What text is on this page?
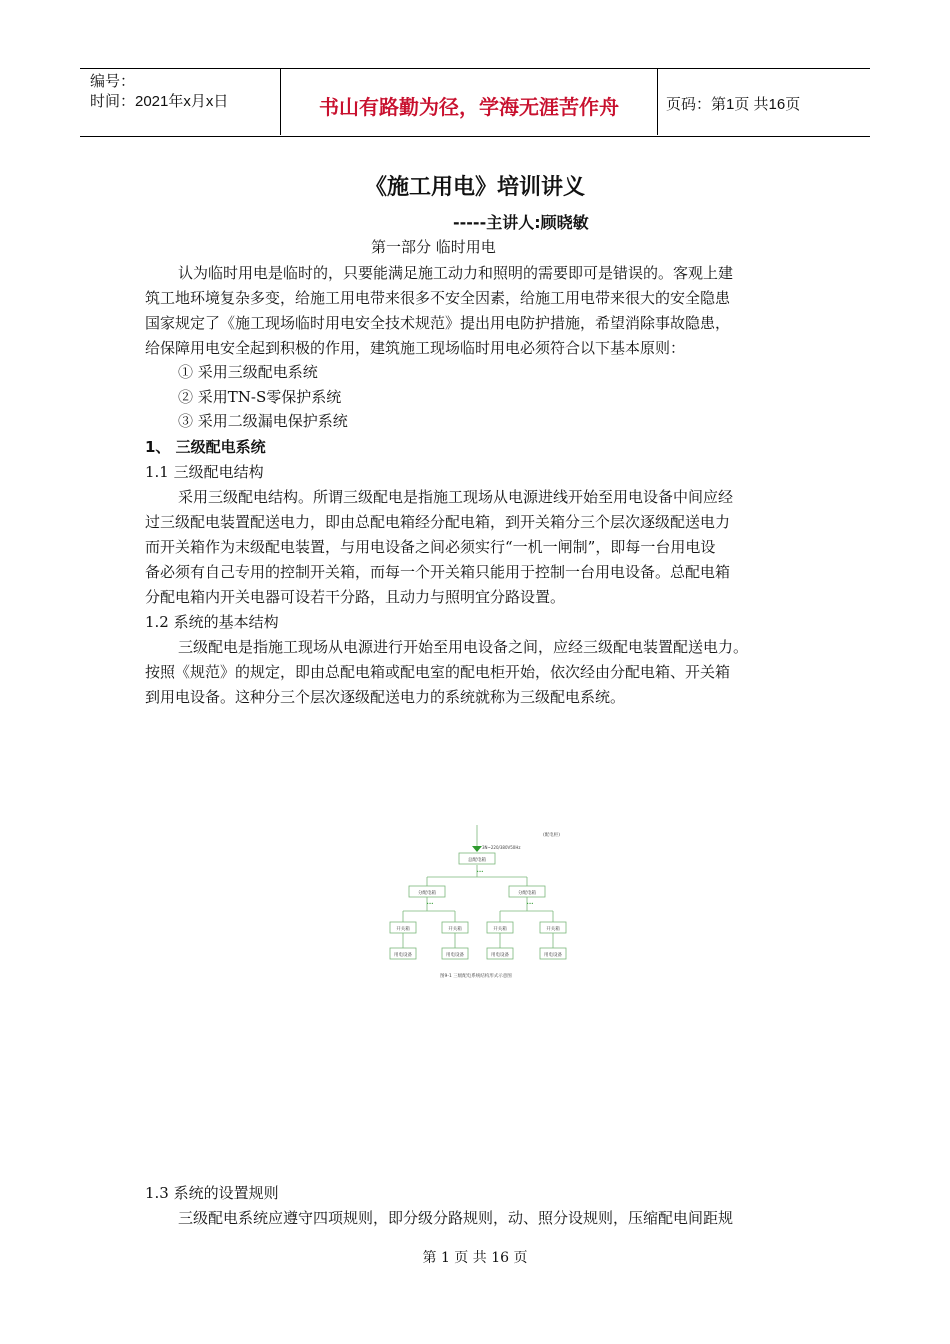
编号：
时间：2021年x月x日	书山有路勤为径，学海无涯苦作舟	页码：第1页 共16页
《施工用电》培训讲义
-----主讲人:顾晓敏
第一部分 临时用电
认为临时用电是临时的，只要能满足施工动力和照明的需要即可是错误的。客观上建
筑工地环境复杂多变，给施工用电带来很多不安全因素，给施工用电带来很大的安全隐患
国家规定了《施工现场临时用电安全技术规范》提出用电防护措施，希望消除事故隐患，
给保障用电安全起到积极的作用，建筑施工现场临时用电必须符合以下基本原则：
① 采用三级配电系统
② 采用TN-S零保护系统
③ 采用二级漏电保护系统
1、 三级配电系统
1.1 三级配电结构
采用三级配电结构。所谓三级配电是指施工现场从电源进线开始至用电设备中间应经
过三级配电装置配送电力，即由总配电箱经分配电箱，到开关箱分三个层次逐级配送电力
而开关箱作为末级配电装置，与用电设备之间必须实行“一机一闸制”，即每一台用电设
备必须有自己专用的控制开关箱，而每一个开关箱只能用于控制一台用电设备。总配电箱
分配电箱内开关电器可设若干分路，且动力与照明宜分路设置。
1.2 系统的基本结构
三级配电是指施工现场从电源进行开始至用电设备之间，应经三级配电装置配送电力。
按照《规范》的规定，即由总配电箱或配电室的配电柜开始，依次经由分配电箱、开关箱
到用电设备。这种分三个层次逐级配送电力的系统就称为三级配电系统。
(配电柜)
3N~220/380V50Hz
总配电箱
•••
分配电箱	分配电箱
•••	•••
开关箱	开关箱	开关箱	开关箱
用电设备	用电设备	用电设备	用电设备
图9-1 三级配电系统结构形式示意图
1.3 系统的设置规则
三级配电系统应遵守四项规则，即分级分路规则，动、照分设规则，压缩配电间距规
第 1 页 共 16 页
